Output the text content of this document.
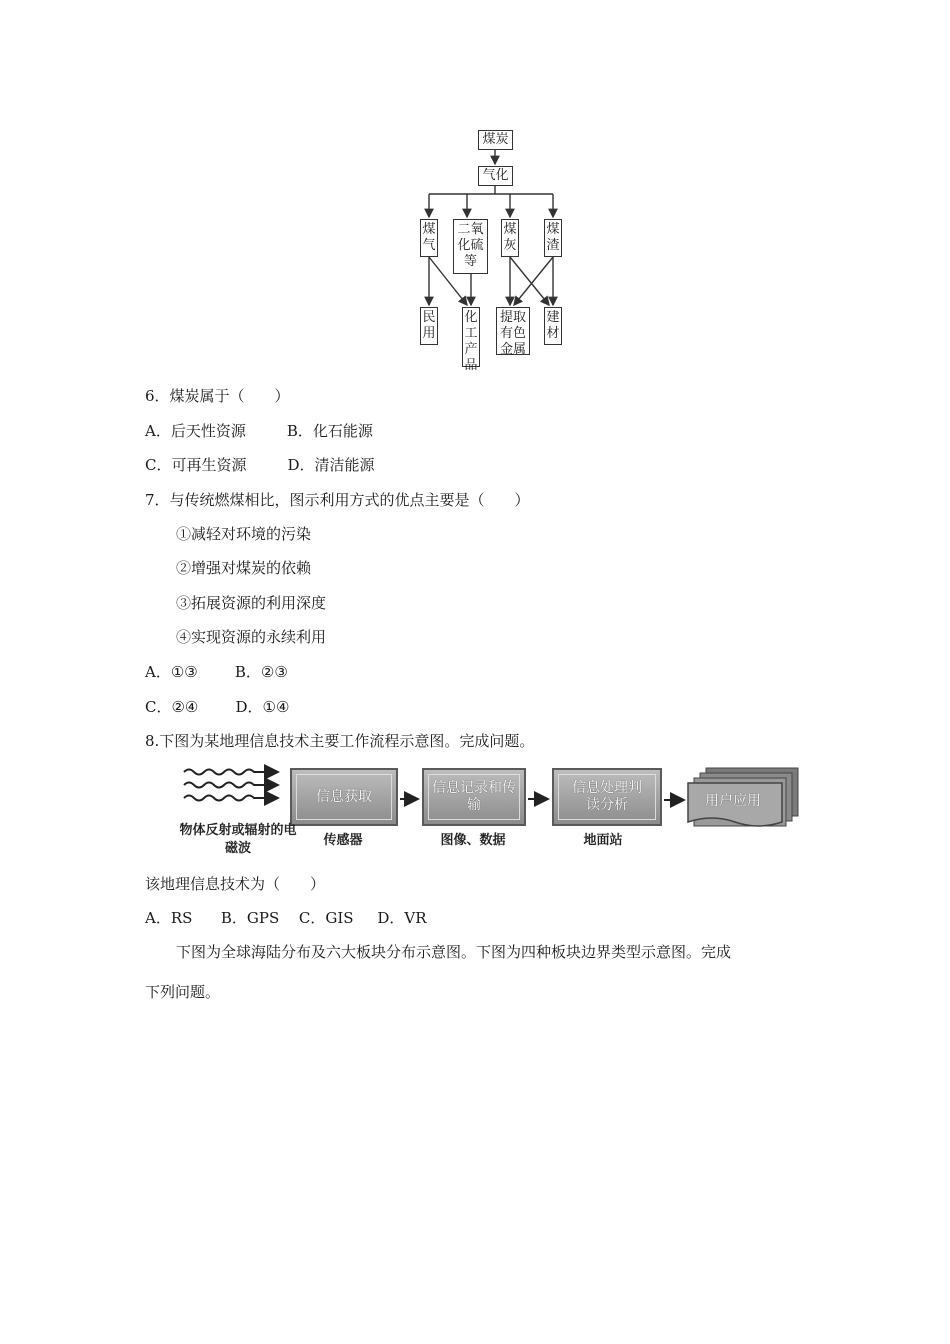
煤炭
气化
煤气
二氧化硫等
煤灰
煤渣
民用
化工产品
提取有色金属
建材
6．煤炭属于（　　）
A．后天性资源	B．化石能源
C．可再生资源	D．清洁能源
7．与传统燃煤相比，图示利用方式的优点主要是（　　）
①减轻对环境的污染
②增强对煤炭的依赖
③拓展资源的利用深度
④实现资源的永续利用
A．①③ B．②③
C．②④ D．①④
8.下图为某地理信息技术主要工作流程示意图。完成问题。
信息获取
信息记录和传输
信息处理判读分析	用户应用
物体反射或辐射的电磁波
传感器	图像、数据	地面站
该地理信息技术为（　　）
A．RS B．GPS C．GIS D．VR
下图为全球海陆分布及六大板块分布示意图。下图为四种板块边界类型示意图。完成
下列问题。
